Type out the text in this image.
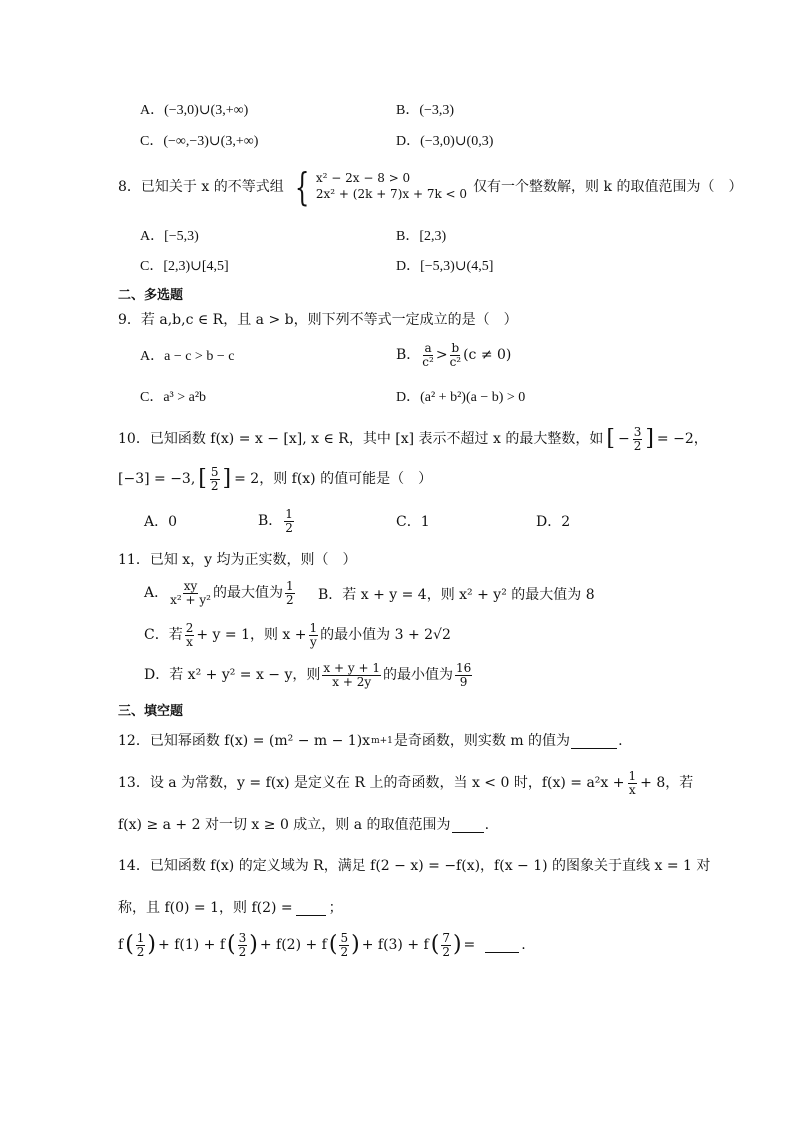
A．(−3,0)∪(3,+∞)	B．(−3,3)
C．(−∞,−3)∪(3,+∞)	D．(−3,0)∪(0,3)
8．已知关于 x 的不等式组 { x² − 2x − 8 > 0
2x² + (2k + 7)x + 7k < 0 仅有一个整数解，则 k 的取值范围为（　）
A．[−5,3)	B．[2,3)
C．[2,3)∪[4,5]	D．[−5,3)∪(4,5]
二、多选题
9．若 a,b,c ∈ R，且 a > b，则下列不等式一定成立的是（　）
A．a − c > b − c	B． $\frac{a}{\text{c²}} > \frac{b}{\text{c²}} (c \ne 0)$
C．a³ > a²b	D．(a² + b²)(a − b) > 0
10．已知函数 f(x) = x − [x], x ∈ R，其中 [x] 表示不超过 x 的最大整数，如 [ − $\frac{3}{2}$ ] = −2，
[−3] = −3, [ $\frac{5}{2}$ ] = 2，则 f(x) 的值可能是（　）
A．0	B． $\frac{1}{2}$	C．1	D．2
11．已知 x，y 均为正实数，则（　）
A． $\frac{xy}{\text{x² + y²}}$ 的最大值为 $\frac{1}{2}$ B．若 x + y = 4，则 x² + y² 的最大值为 8
C．若 $\frac{2}{x} + y = 1$，则 $x + \frac{1}{y}$ 的最小值为 3 + 2√2
D．若 x² + y² = x − y，则 $\frac{x + y + 1}{x + 2y}$ 的最小值为 $\frac{16}{9}$
三、填空题
12．已知幂函数 f(x) = (m² − m − 1)x m+1 是奇函数，则实数 m 的值为	.
13．设 a 为常数，y = f(x) 是定义在 R 上的奇函数，当 x < 0 时，$f(x) = a^2x + \frac{1}{x} + 8$，若
f(x) ≥ a + 2 对一切 x ≥ 0 成立，则 a 的取值范围为 .
14．已知函数 f(x) 的定义域为 R，满足 f(2 − x) = −f(x)，f(x − 1) 的图象关于直线 x = 1 对
称，且 f(0) = 1，则 f(2) =	；
f ( $\frac{1}{2}$ ) + f(1) + f ( $\frac{3}{2}$ ) + f(2) + f ( $\frac{5}{2}$ ) + f(3) + f ( $\frac{7}{2}$ ) =	.
